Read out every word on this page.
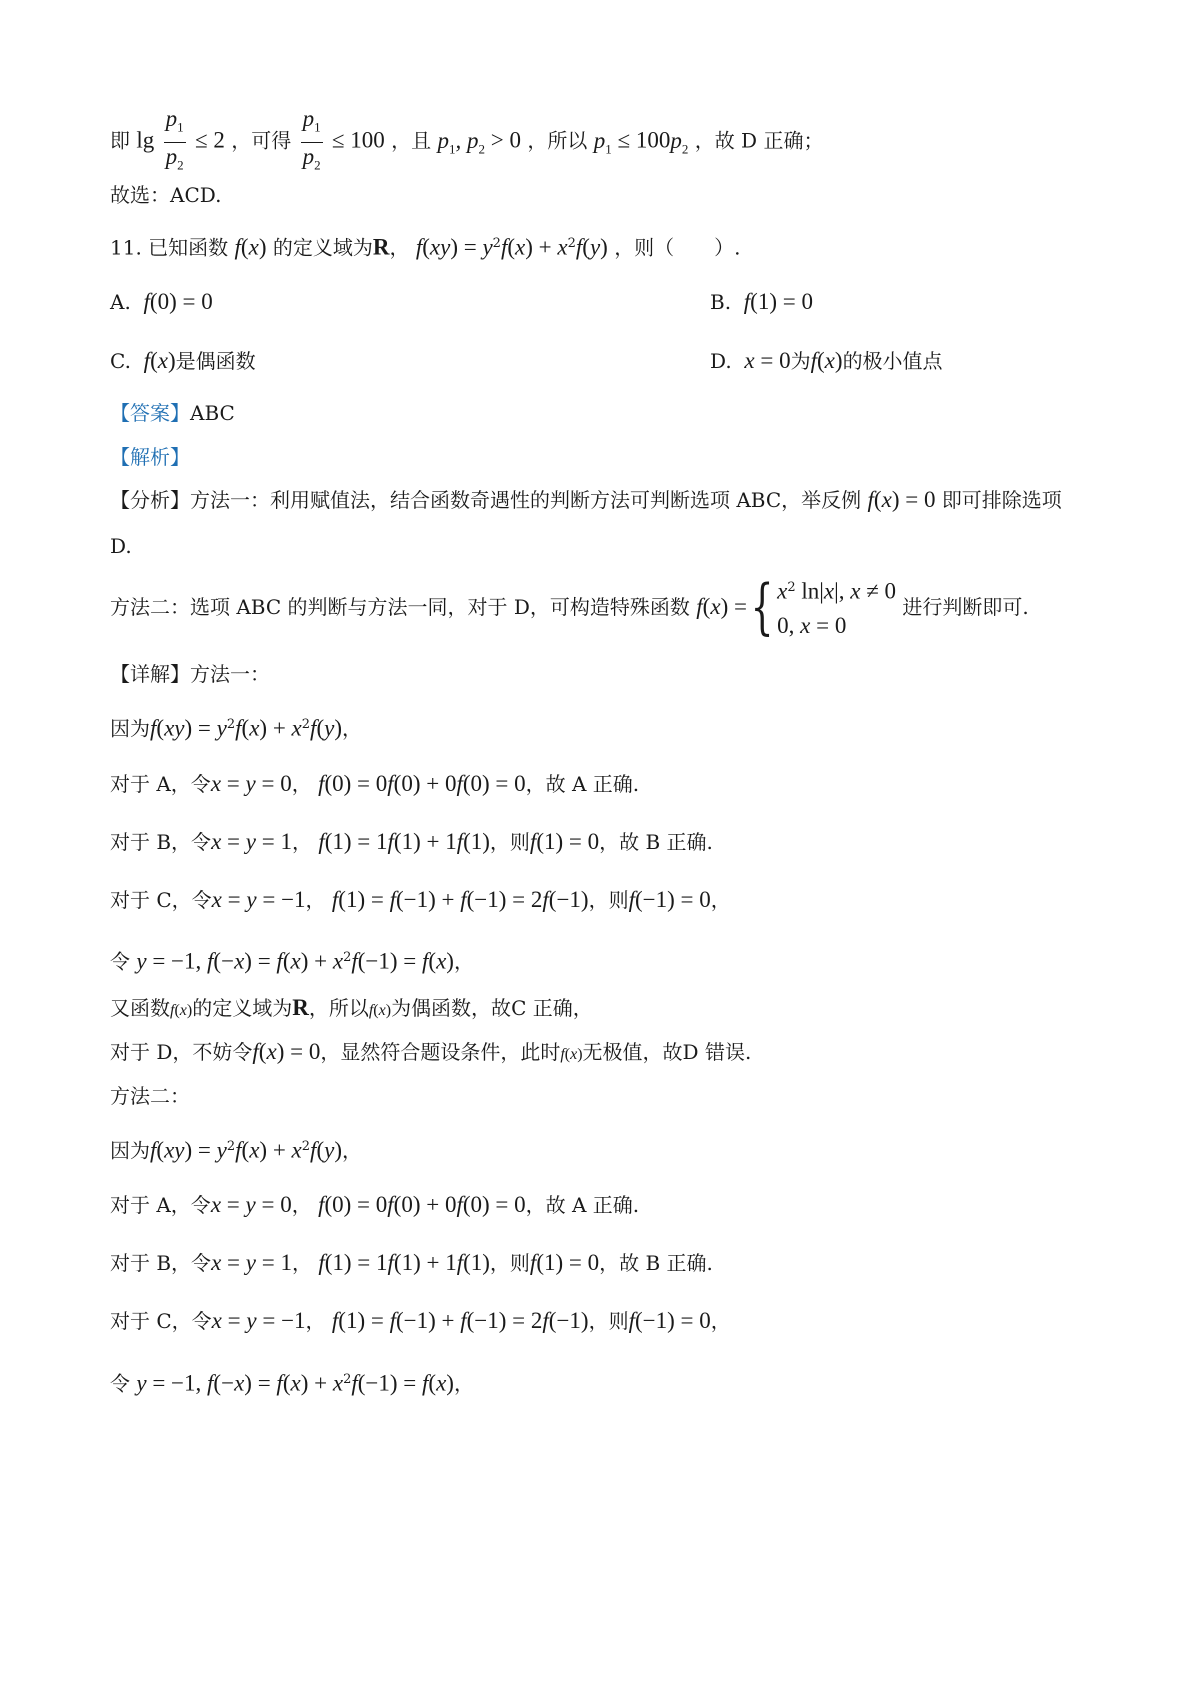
即 $\lg \frac{p_1}{p_2} \le 2$ ，可得 $\frac{p_1}{p_2} \le 100$ ，且 $p_1$, $p_2 > 0$ ，所以 $p_1 \le 100p_2$ ，故 D 正确；
故选：ACD.
11. 已知函数 f(x) 的定义域为R， $f(xy) = y^2f(x) + x^2f(y)$ ，则（　　）.
A. f(0) = 0	B. f(1) = 0
C. f(x)是偶函数	D. x = 0为f(x)的极小值点
【答案】ABC
【解析】
【分析】方法一：利用赋值法，结合函数奇遇性的判断方法可判断选项 ABC，举反例 f(x) = 0 即可排除选项
D.
方法二：选项 ABC 的判断与方法一同，对于 D，可构造特殊函数
f ( x ) = { $x^2$ ln|x|, x ≠ 0
0, x = 0

进行判断即可.
【详解】方法一：
因为$f(xy) = y^2f(x) + x^2f(y)$，
对于 A，令x = y = 0， f(0) = 0f(0) + 0f(0) = 0，故 A 正确.
对于 B，令x = y = 1， f(1) = 1f(1) + 1f(1)，则f(1) = 0，故 B 正确.
对于 C，令x = y = −1， f(1) = f(−1) + f(−1) = 2f(−1)，则f(−1) = 0，
令 y = −1, $f(-x) = f(x) + x^2f(-1) = f(x)$，
又函数f(x)的定义域为R，所以f(x)为偶函数，故C 正确，
对于 D，不妨令f(x) = 0，显然符合题设条件，此时f(x)无极值，故D 错误.
方法二：
因为$f(xy) = y^2f(x) + x^2f(y)$，
对于 A，令x = y = 0， f(0) = 0f(0) + 0f(0) = 0，故 A 正确.
对于 B，令x = y = 1， f(1) = 1f(1) + 1f(1)，则f(1) = 0，故 B 正确.
对于 C，令x = y = −1， f(1) = f(−1) + f(−1) = 2f(−1)，则f(−1) = 0，
令 y = −1, $f(-x) = f(x) + x^2f(-1) = f(x)$，
